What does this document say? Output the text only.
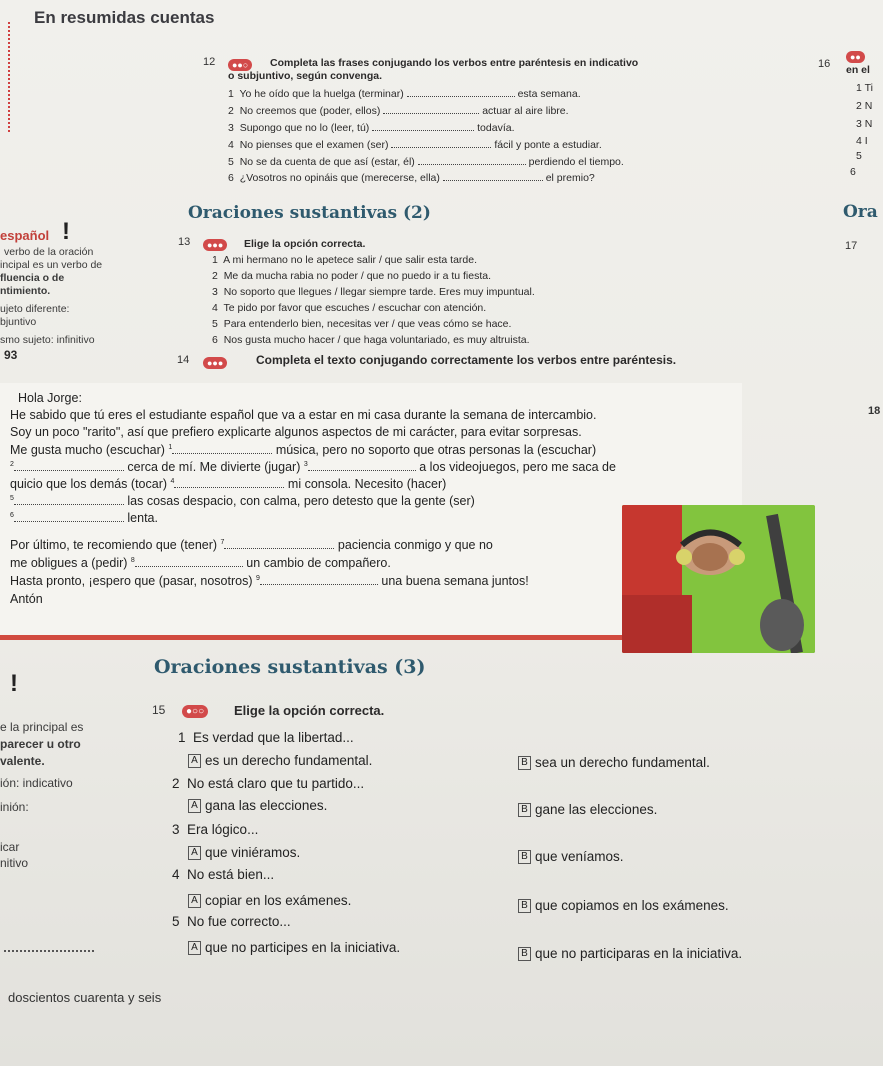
En resumidas cuentas
12	●●○	Completa las frases conjugando los verbos entre paréntesis en indicativo
o subjuntivo, según convenga.
1 Yo he oído que la huelga (terminar)	esta semana.
2 No creemos que (poder, ellos)	actuar al aire libre.
3 Supongo que no lo (leer, tú)	todavía.
4 No pienses que el examen (ser)	fácil y ponte a estudiar.
5 No se da cuenta de que así (estar, él)	perdiendo el tiempo.
6 ¿Vosotros no opináis que (merecerse, ella)	el premio?
16
●●
en el
1 Ti
2 N
3 N
4 I
5
6
Ora
17
18
Oraciones sustantivas (2)
español !
verbo de la oración
incipal es un verbo de
fluencia o de
ntimiento.
ujeto diferente:
bjuntivo
smo sujeto: infinitivo
93
13	●●●	Elige la opción correcta.
1 A mi hermano no le apetece salir / que salir esta tarde.
2 Me da mucha rabia no poder / que no puedo ir a tu fiesta.
3 No soporto que llegues / llegar siempre tarde. Eres muy impuntual.
4 Te pido por favor que escuches / escuchar con atención.
5 Para entenderlo bien, necesitas ver / que veas cómo se hace.
6 Nos gusta mucho hacer / que haga voluntariado, es muy altruista.
14	●●●	Completa el texto conjugando correctamente los verbos entre paréntesis.
Hola Jorge:
He sabido que tú eres el estudiante español que va a estar en mi casa durante la semana de intercambio.
Soy un poco "rarito", así que prefiero explicarte algunos aspectos de mi carácter, para evitar sorpresas.
Me gusta mucho (escuchar) $^1$	música, pero no soporto que otras personas la (escuchar)
$^2$	cerca de mí. Me divierte (jugar) $^3$	a los videojuegos, pero me saca de
quicio que los demás (tocar) $^4$	mi consola. Necesito (hacer)
$^5$	las cosas despacio, con calma, pero detesto que la gente (ser)
$^6$	lenta.
Por último, te recomiendo que (tener) $^7$	paciencia conmigo y que no
me obligues a (pedir) $^8$	un cambio de compañero.
Hasta pronto, ¡espero que (pasar, nosotros) $^9$	una buena semana juntos!
Antón
Oraciones sustantivas (3)
!
e la principal es
parecer u otro
valente.
ión: indicativo
inión:
icar
nitivo
15	●○○	Elige la opción correcta.
1 Es verdad que la libertad...
A es un derecho fundamental.	B sea un derecho fundamental.
2 No está claro que tu partido...
A gana las elecciones.	B gane las elecciones.
3 Era lógico...
A que viniéramos.	B que veníamos.
4 No está bien...
A copiar en los exámenes.	B que copiamos en los exámenes.
5 No fue correcto...
A que no participes en la iniciativa.	B que no participaras en la iniciativa.
doscientos cuarenta y seis
